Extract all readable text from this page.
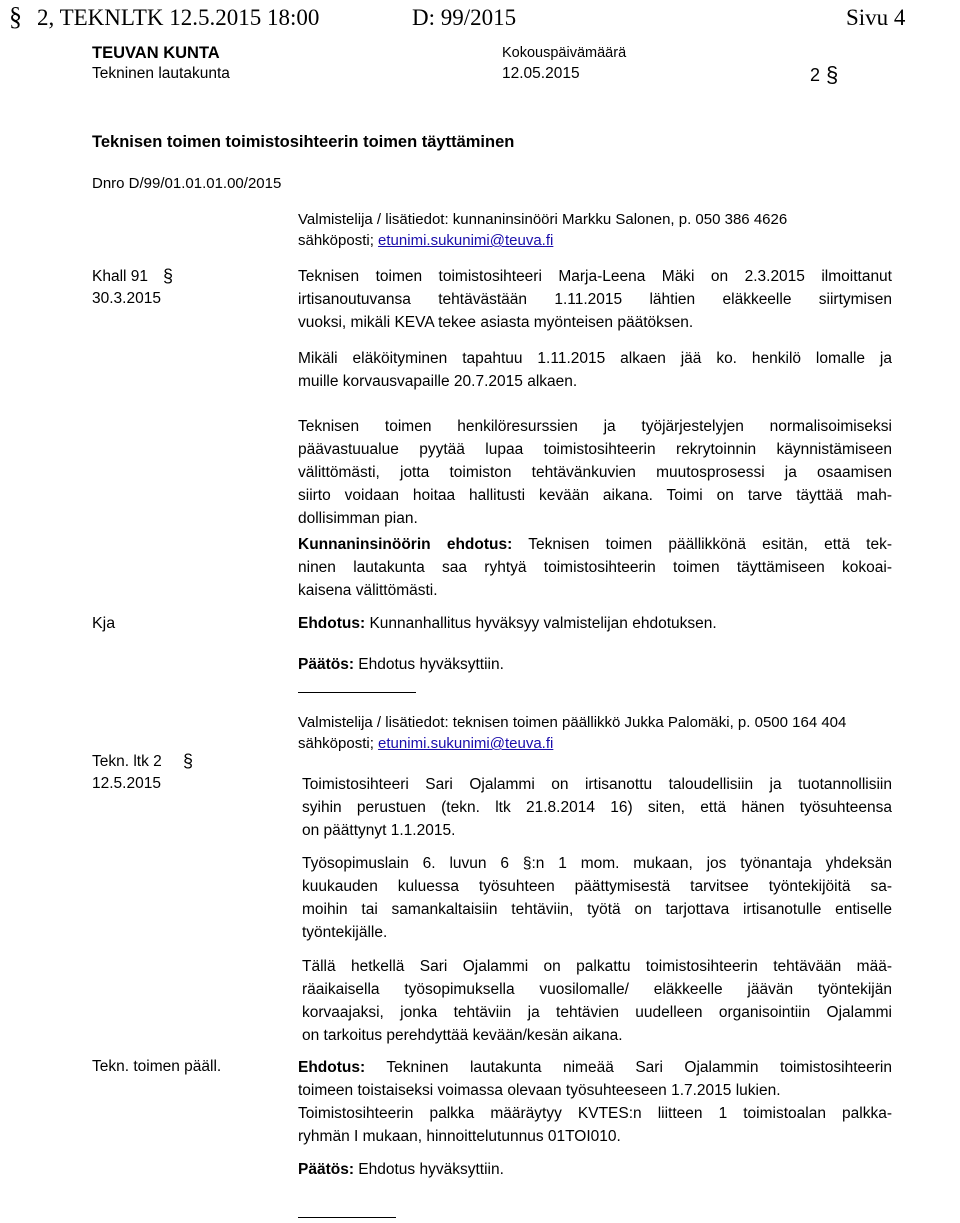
§ 2, TEKNLTK 12.5.2015 18:00	D: 99/2015	Sivu 4
TEUVAN KUNTA
Tekninen lautakunta
Kokouspäivämäärä
12.05.2015	2 §
Teknisen toimen toimistosihteerin toimen täyttäminen
Dnro D/99/01.01.01.00/2015
Valmistelija / lisätiedot: kunnaninsinööri Markku Salonen, p. 050 386 4626
sähköposti; etunimi.sukunimi@teuva.fi
Khall 91 §
30.3.2015
Teknisen toimen toimistosihteeri Marja-Leena Mäki on 2.3.2015 ilmoittanut
irtisanoutuvansa tehtävästään 1.11.2015 lähtien eläkkeelle siirtymisen
vuoksi, mikäli KEVA tekee asiasta myönteisen päätöksen.
Mikäli eläköityminen tapahtuu 1.11.2015 alkaen jää ko. henkilö lomalle ja
muille korvausvapaille 20.7.2015 alkaen.
Teknisen toimen henkilöresurssien ja työjärjestelyjen normalisoimiseksi
päävastuualue pyytää lupaa toimistosihteerin rekrytoinnin käynnistämiseen
välittömästi, jotta toimiston tehtävänkuvien muutosprosessi ja osaamisen
siirto voidaan hoitaa hallitusti kevään aikana. Toimi on tarve täyttää mah-
dollisimman pian.
Kunnaninsinöörin ehdotus: Teknisen toimen päällikkönä esitän, että tek-
ninen lautakunta saa ryhtyä toimistosihteerin toimen täyttämiseen kokoai-
kaisena välittömästi.
Kja	Ehdotus: Kunnanhallitus hyväksyy valmistelijan ehdotuksen.
Päätös: Ehdotus hyväksyttiin.
Valmistelija / lisätiedot: teknisen toimen päällikkö Jukka Palomäki, p. 0500 164 404
sähköposti; etunimi.sukunimi@teuva.fi
Tekn. ltk 2 §
12.5.2015	Toimistosihteeri Sari Ojalammi on irtisanottu taloudellisiin ja tuotannollisiin
syihin perustuen (tekn. ltk 21.8.2014 16) siten, että hänen työsuhteensa
on päättynyt 1.1.2015.
Työsopimuslain 6. luvun 6 §:n 1 mom. mukaan, jos työnantaja yhdeksän
kuukauden kuluessa työsuhteen päättymisestä tarvitsee työntekijöitä sa-
moihin tai samankaltaisiin tehtäviin, työtä on tarjottava irtisanotulle entiselle
työntekijälle.
Tällä hetkellä Sari Ojalammi on palkattu toimistosihteerin tehtävään mää-
räaikaisella työsopimuksella vuosilomalle/ eläkkeelle jäävän työntekijän
korvaajaksi, jonka tehtäviin ja tehtävien uudelleen organisointiin Ojalammi
on tarkoitus perehdyttää kevään/kesän aikana.
Tekn. toimen pääll.	Ehdotus: Tekninen lautakunta nimeää Sari Ojalammin toimistosihteerin
toimeen toistaiseksi voimassa olevaan työsuhteeseen 1.7.2015 lukien.
Toimistosihteerin palkka määräytyy KVTES:n liitteen 1 toimistoalan palkka-
ryhmän I mukaan, hinnoittelutunnus 01TOI010.
Päätös: Ehdotus hyväksyttiin.
